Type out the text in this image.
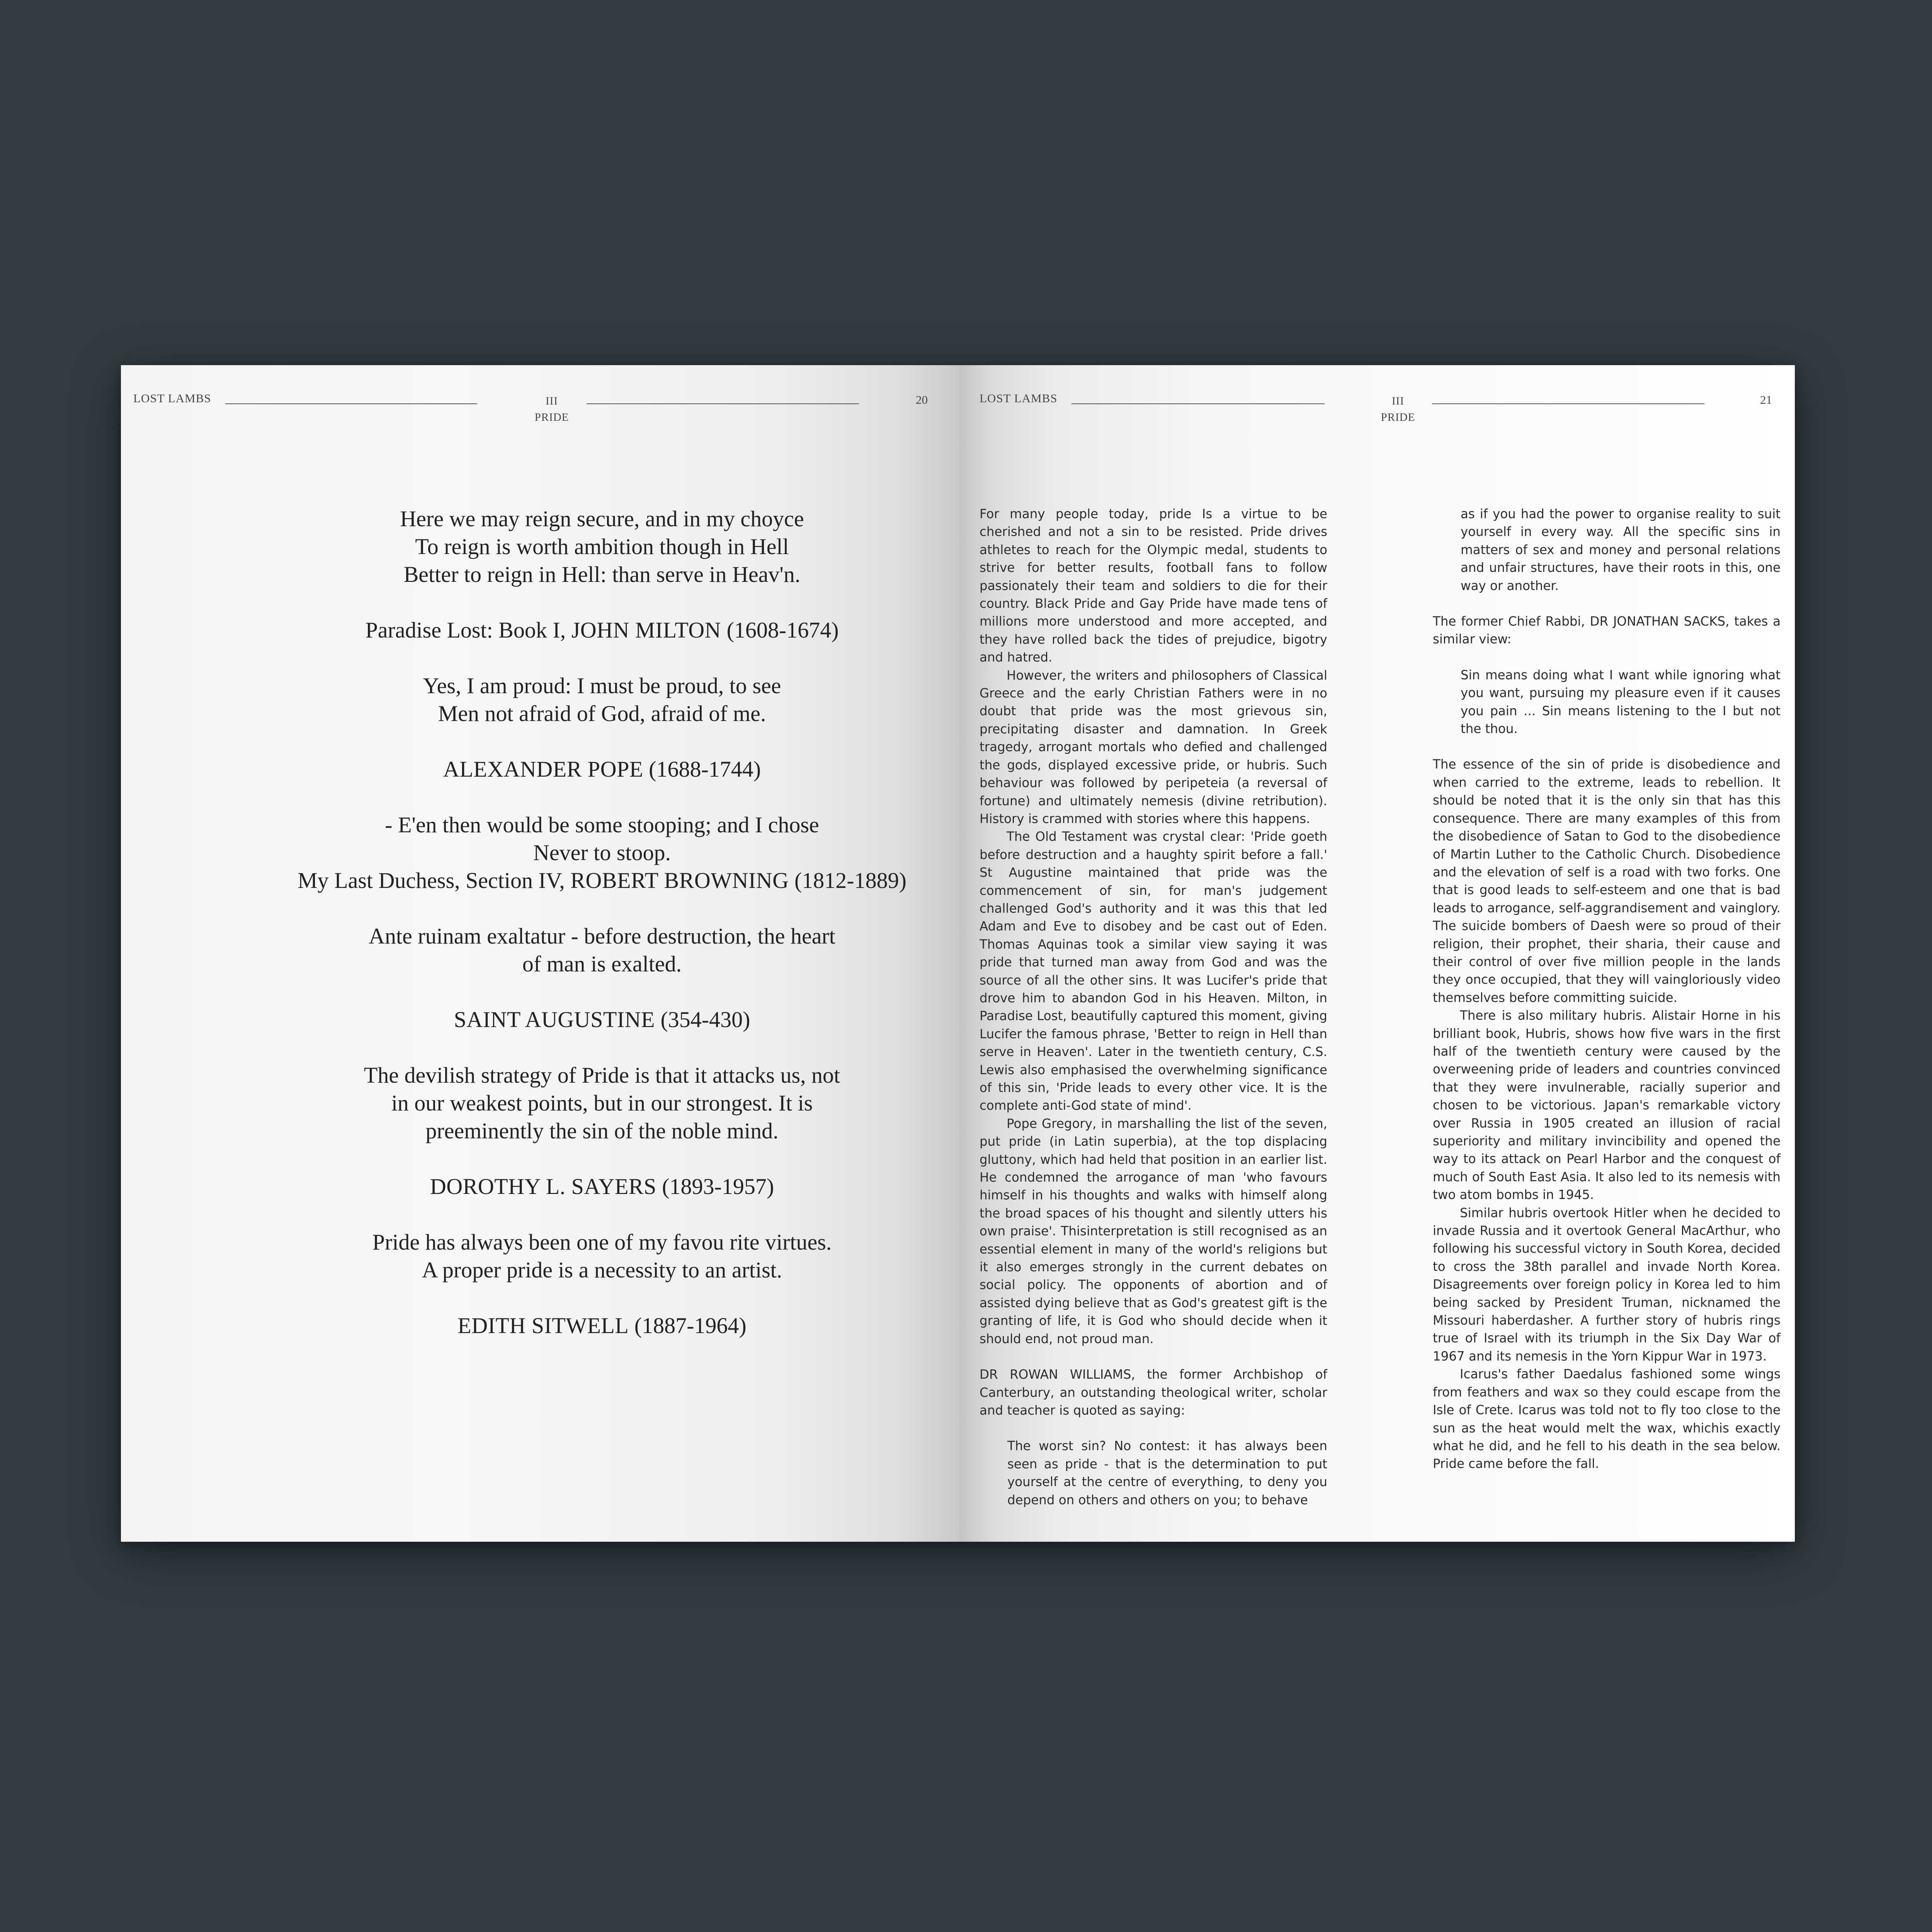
LOST LAMBS	III
PRIDE
20
Here we may reign secure, and in my choyce
To reign is worth ambition though in Hell
Better to reign in Hell: than serve in Heav'n.
Paradise Lost: Book I, JOHN MILTON (1608-1674)
Yes, I am proud: I must be proud, to see
Men not afraid of God, afraid of me.
ALEXANDER POPE (1688-1744)
- E'en then would be some stooping; and I chose
Never to stoop.
My Last Duchess, Section IV, ROBERT BROWNING (1812-1889)
Ante ruinam exaltatur - before destruction, the heart
of man is exalted.
SAINT AUGUSTINE (354-430)
The devilish strategy of Pride is that it attacks us, not
in our weakest points, but in our strongest. It is
preeminently the sin of the noble mind.
DOROTHY L. SAYERS (1893-1957)
Pride has always been one of my favou rite virtues.
A proper pride is a necessity to an artist.
EDITH SITWELL (1887-1964)
LOST LAMBS	III
PRIDE
21

For many people today, pride Is a virtue to be cherished and not a sin to be resisted. Pride drives athletes to reach for the Olympic medal, students to strive for better results, football fans to follow passionately their team and soldiers to die for their country. Black Pride and Gay Pride have made tens of millions more understood and more accepted, and they have rolled back the tides of prejudice, bigotry and hatred.

However, the writers and philosophers of Classical Greece and the early Christian Fathers were in no doubt that pride was the most grievous sin, precipitating disaster and damnation. In Greek tragedy, arrogant mortals who defied and challenged the gods, displayed excessive pride, or hubris. Such behaviour was followed by peripeteia (a reversal of fortune) and ultimately nemesis (divine retribution). History is crammed with stories where this happens.

The Old Testament was crystal clear: 'Pride goeth before destruction and a haughty spirit before a fall.' St Augustine maintained that pride was the commencement of sin, for man's judgement challenged God's authority and it was this that led Adam and Eve to disobey and be cast out of Eden. Thomas Aquinas took a similar view saying it was pride that turned man away from God and was the source of all the other sins. It was Lucifer's pride that drove him to abandon God in his Heaven. Milton, in Paradise Lost, beautifully captured this moment, giving Lucifer the famous phrase, 'Better to reign in Hell than serve in Heaven'. Later in the twentieth century, C.S. Lewis also emphasised the overwhelming significance of this sin, 'Pride leads to every other vice. It is the complete anti-God state of mind'.

Pope Gregory, in marshalling the list of the seven, put pride (in Latin superbia), at the top displacing gluttony, which had held that position in an earlier list. He condemned the arrogance of man 'who favours himself in his thoughts and walks with himself along the broad spaces of his thought and silently utters his own praise'. Thisinterpretation is still recognised as an essential element in many of the world's religions but it also emerges strongly in the current debates on social policy. The opponents of abortion and of assisted dying believe that as God's greatest gift is the granting of life, it is God who should decide when it should end, not proud man.

DR ROWAN WILLIAMS, the former Archbishop of Canterbury, an outstanding theological writer, scholar and teacher is quoted as saying:

The worst sin? No contest: it has always been seen as pride - that is the determination to put yourself at the centre of everything, to deny you depend on others and others on you; to behave

as if you had the power to organise reality to suit yourself in every way. All the specific sins in matters of sex and money and personal relations and unfair structures, have their roots in this, one way or another.

The former Chief Rabbi, DR JONATHAN SACKS, takes a similar view:

Sin means doing what I want while ignoring what you want, pursuing my pleasure even if it causes you pain ... Sin means listening to the I but not the thou.

The essence of the sin of pride is disobedience and when carried to the extreme, leads to rebellion. It should be noted that it is the only sin that has this consequence. There are many examples of this from the disobedience of Satan to God to the disobedience of Martin Luther to the Catholic Church. Disobedience and the elevation of self is a road with two forks. One that is good leads to self-esteem and one that is bad leads to arrogance, self-aggrandisement and vainglory. The suicide bombers of Daesh were so proud of their religion, their prophet, their sharia, their cause and their control of over five million people in the lands they once occupied, that they will vaingloriously video themselves before committing suicide.

There is also military hubris. Alistair Horne in his brilliant book, Hubris, shows how five wars in the first half of the twentieth century were caused by the overweening pride of leaders and countries convinced that they were invulnerable, racially superior and chosen to be victorious. Japan's remarkable victory over Russia in 1905 created an illusion of racial superiority and military invincibility and opened the way to its attack on Pearl Harbor and the conquest of much of South East Asia. It also led to its nemesis with two atom bombs in 1945.

Similar hubris overtook Hitler when he decided to invade Russia and it overtook General MacArthur, who following his successful victory in South Korea, decided to cross the 38th parallel and invade North Korea. Disagreements over foreign policy in Korea led to him being sacked by President Truman, nicknamed the Missouri haberdasher. A further story of hubris rings true of Israel with its triumph in the Six Day War of 1967 and its nemesis in the Yorn Kippur War in 1973.

Icarus's father Daedalus fashioned some wings from feathers and wax so they could escape from the Isle of Crete. Icarus was told not to fly too close to the sun as the heat would melt the wax, whichis exactly what he did, and he fell to his death in the sea below. Pride came before the fall.
